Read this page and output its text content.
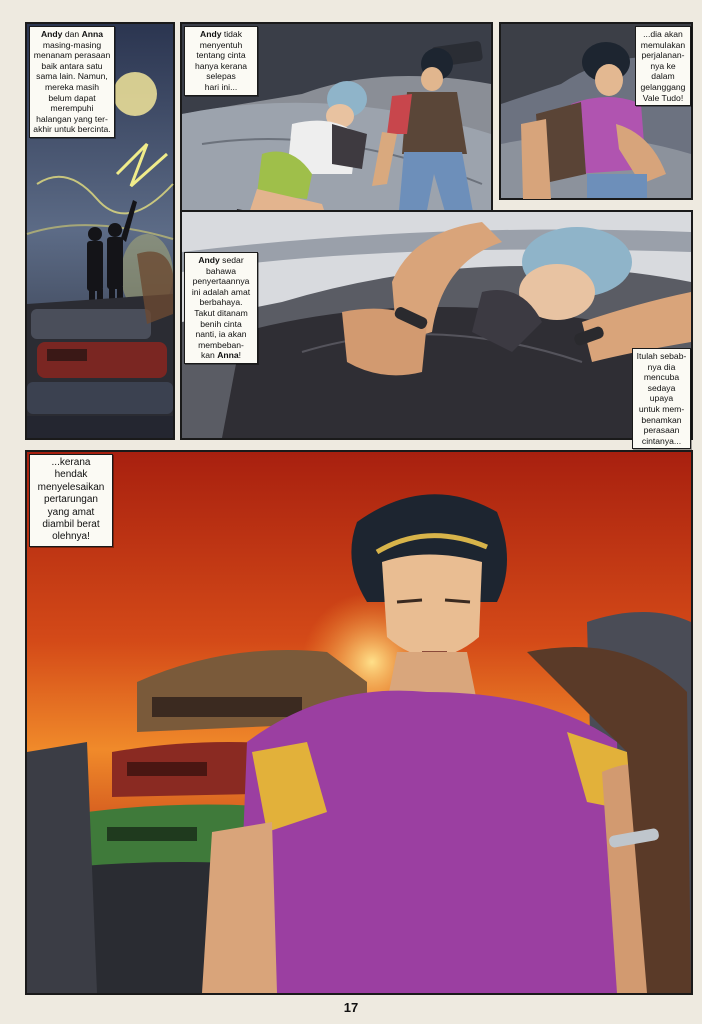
Andy dan Anna
masing-masing
menanam perasaan
baik antara satu
sama lain. Namun,
mereka masih
belum dapat
merempuhi
halangan yang ter-
akhir untuk bercinta.
Andy tidak
menyentuh
tentang cinta
hanya kerana
selepas
hari ini...
...dia akan
memulakan
perjalanan-
nya ke
dalam
gelanggang
Vale Tudo!
Andy sedar
bahawa
penyertaannya
ini adalah amat
berbahaya.
Takut ditanam
benih cinta
nanti, ia akan
membeban-
kan Anna!	Itulah sebab-
nya dia
mencuba
sedaya upaya
untuk mem-
benamkan
perasaan
cintanya...
...kerana
hendak
menyelesaikan
pertarungan
yang amat
diambil berat
olehnya!
17
